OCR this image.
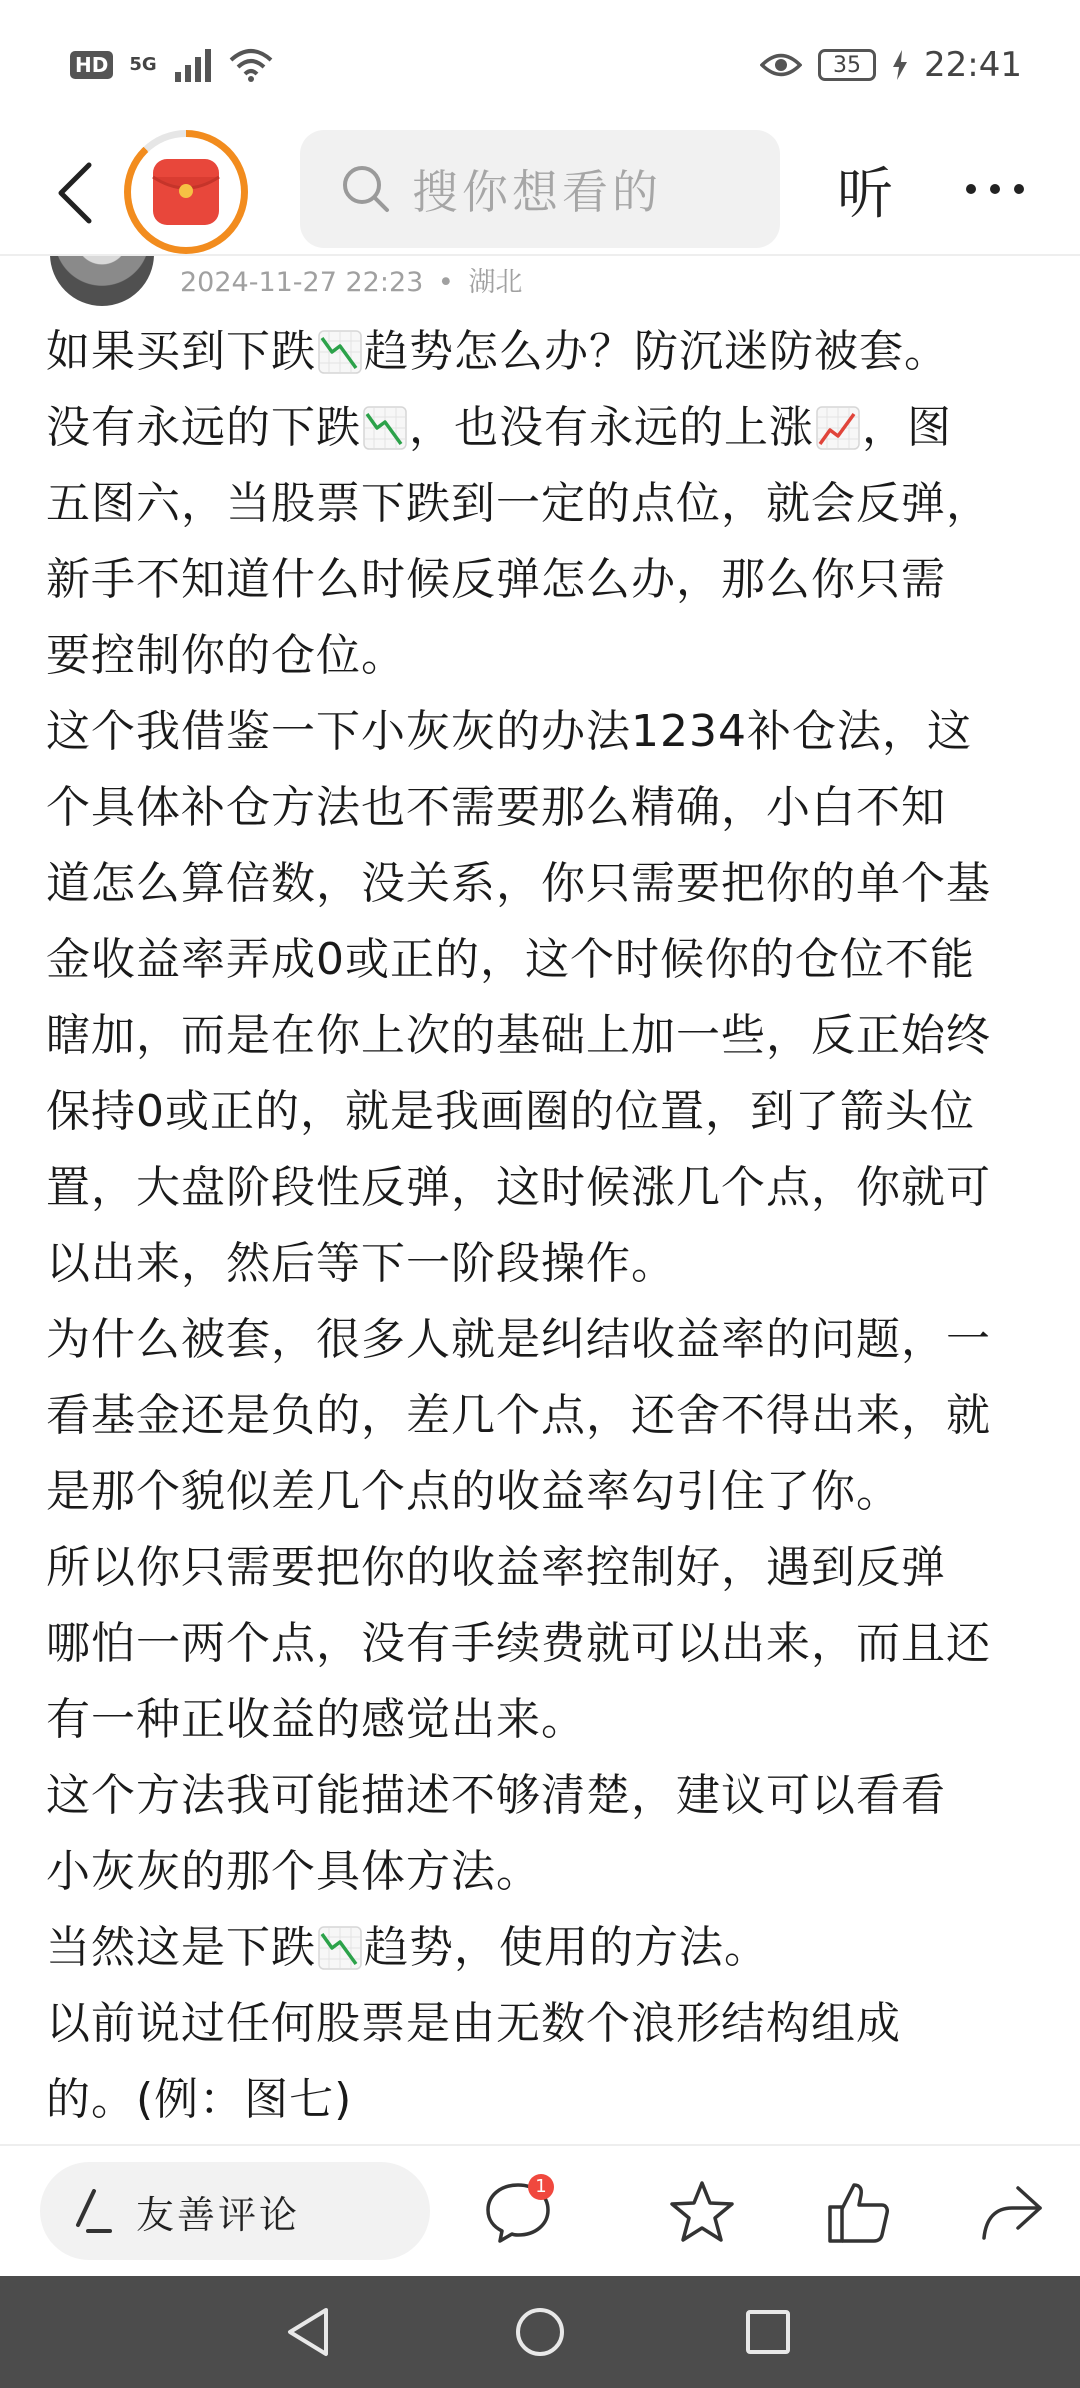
HD 5G	35	22:41
搜你想看的	听
2024-11-27 22:23 • 湖北
如果买到下跌 趋势怎么办？防沉迷防被套。
没有永远的下跌 ，也没有永远的上涨 ，图
五图六，当股票下跌到一定的点位，就会反弹，
新手不知道什么时候反弹怎么办，那么你只需
要控制你的仓位。
这个我借鉴一下小灰灰的办法1234补仓法，这
个具体补仓方法也不需要那么精确，小白不知
道怎么算倍数，没关系，你只需要把你的单个基
金收益率弄成0或正的，这个时候你的仓位不能
瞎加，而是在你上次的基础上加一些，反正始终
保持0或正的，就是我画圈的位置，到了箭头位
置，大盘阶段性反弹，这时候涨几个点，你就可
以出来，然后等下一阶段操作。
为什么被套，很多人就是纠结收益率的问题，一
看基金还是负的，差几个点，还舍不得出来，就
是那个貌似差几个点的收益率勾引住了你。
所以你只需要把你的收益率控制好，遇到反弹
哪怕一两个点，没有手续费就可以出来，而且还
有一种正收益的感觉出来。
这个方法我可能描述不够清楚，建议可以看看
小灰灰的那个具体方法。
当然这是下跌 趋势，使用的方法。
以前说过任何股票是由无数个浪形结构组成
的。(例：图七)
友善评论
1
